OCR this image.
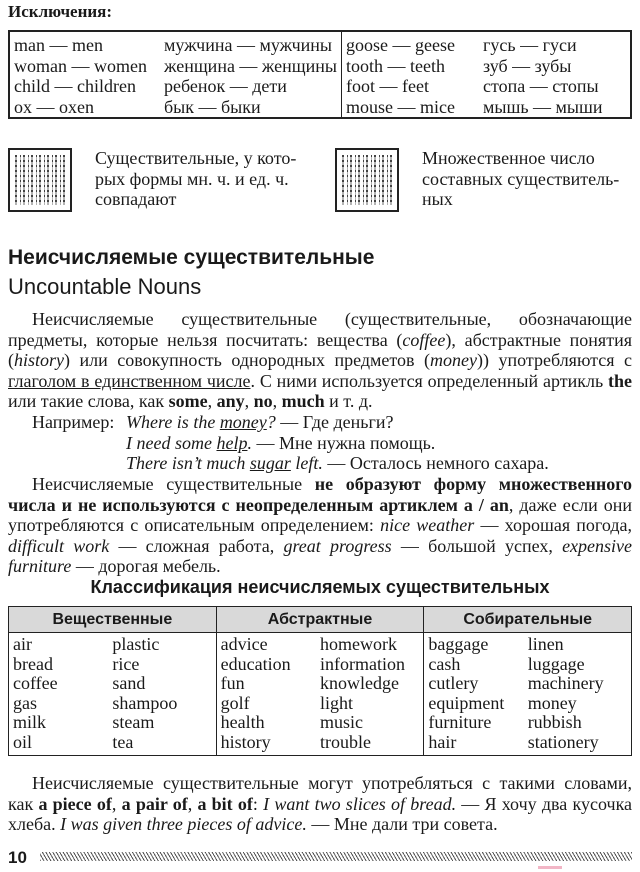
Исключения:
man — men
woman — women
child — children
ox — oxen
мужчина — мужчины
женщина — женщины
ребенок — дети
бык — быки
goose — geese
tooth — teeth
foot — feet
mouse — mice
гусь — гуси
зуб — зубы
стопа — стопы
мышь — мыши
Существительные, у кото-рых формы мн. ч. и ед. ч. совпадают
Множественное число составных существитель-ных
Неисчисляемые существительные
Uncountable Nouns
Неисчисляемые существительные (существительные, обозначающие предметы, которые нельзя посчитать: вещества (coffee), абстрактные понятия (history) или совокупность однородных предметов (money)) употребляются с глаголом в единственном числе. С ними используется определенный артикль the или такие слова, как some, any, no, much и т. д.
Например: Where is the money? — Где деньги?
I need some help. — Мне нужна помощь.
There isn’t much sugar left. — Осталось немного сахара.
Неисчисляемые существительные не образуют форму множественного числа и не используются с неопределенным артиклем a / an, даже если они употребляются с описательным определением: nice weather — хорошая погода, difficult work — сложная работа, great progress — большой успех, expensive furniture — дорогая мебель.
Классификация неисчисляемых существительных
Вещественные
air
bread
coffee
gas
milk
oil
plastic
rice
sand
shampoo
steam
tea
Абстрактные
advice
education
fun
golf
health
history
homework
information
knowledge
light
music
trouble
Собирательные
baggage
cash
cutlery
equipment
furniture
hair
linen
luggage
machinery
money
rubbish
stationery
Неисчисляемые существительные могут употребляться с такими словами, как a piece of, a pair of, a bit of: I want two slices of bread. — Я хочу два кусочка хлеба. I was given three pieces of advice. — Мне дали три совета.
10
